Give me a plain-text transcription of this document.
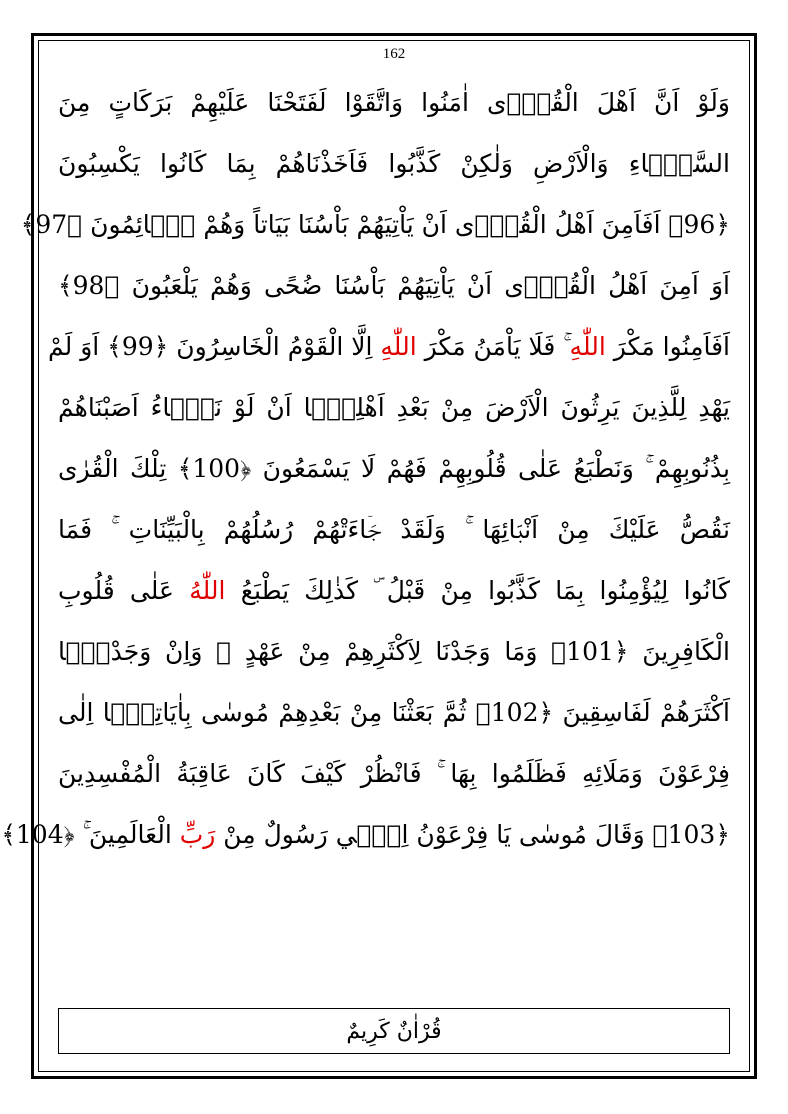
162
وَلَوْ اَنَّ اَهْلَ الْقُرٰۤى اٰمَنُوا وَاتَّقَوْا لَفَتَحْنَا عَلَيْهِمْ بَرَكَاتٍ مِنَ
السَّمَۤاءِ وَالْاَرْضِ وَلٰكِنْ كَذَّبُوا فَاَخَذْنَاهُمْ بِمَا كَانُوا يَكْسِبُونَ
﴿96﴾ اَفَاَمِنَ اَهْلُ الْقُرٰۤى اَنْ يَاْتِيَهُمْ بَاْسُنَا بَيَاتاً وَهُمْ نَۤائِمُونَ ﴿97﴾
اَوَ اَمِنَ اَهْلُ الْقُرٰۤى اَنْ يَاْتِيَهُمْ بَاْسُنَا ضُحًى وَهُمْ يَلْعَبُونَ ﴿98﴾
اَفَاَمِنُوا مَكْرَ اللّٰهِ ۚ فَلَا يَاْمَنُ مَكْرَ اللّٰهِ اِلَّا الْقَوْمُ الْخَاسِرُونَ ﴿99﴾ اَوَ لَمْ
يَهْدِ لِلَّذِينَ يَرِثُونَ الْاَرْضَ مِنْ بَعْدِ اَهْلِهَۤا اَنْ لَوْ نَشَۤاءُ اَصَبْنَاهُمْ
بِذُنُوبِهِمْ ۚ وَنَطْبَعُ عَلٰى قُلُوبِهِمْ فَهُمْ لَا يَسْمَعُونَ ﴿100﴾ تِلْكَ الْقُرٰى
نَقُصُّ عَلَيْكَ مِنْ اَنْبَۤائِهَا ۚ وَلَقَدْ جَۤاءَتْهُمْ رُسُلُهُمْ بِالْبَيِّنَاتِ ۚ فَمَا
كَانُوا لِيُؤْمِنُوا بِمَا كَذَّبُوا مِنْ قَبْلُ ۜ كَذٰلِكَ يَطْبَعُ اللّٰهُ عَلٰى قُلُوبِ
الْكَافِرِينَ ﴿101﴾ وَمَا وَجَدْنَا لِاَكْثَرِهِمْ مِنْ عَهْدٍ ۚ وَاِنْ وَجَدْنَۤا
اَكْثَرَهُمْ لَفَاسِقِينَ ﴿102﴾ ثُمَّ بَعَثْنَا مِنْ بَعْدِهِمْ مُوسٰى بِاٰيَاتِنَۤا اِلٰى
فِرْعَوْنَ وَمَلَائِهِ فَظَلَمُوا بِهَا ۚ فَانْظُرْ كَيْفَ كَانَ عَاقِبَةُ الْمُفْسِدِينَ
﴿103﴾ وَقَالَ مُوسٰى يَا فِرْعَوْنُ اِنّ۪ي رَسُولٌ مِنْ رَبِّ الْعَالَمِينَ ۚ ﴿104﴾
قُرْاٰنٌ كَرِيمٌ
